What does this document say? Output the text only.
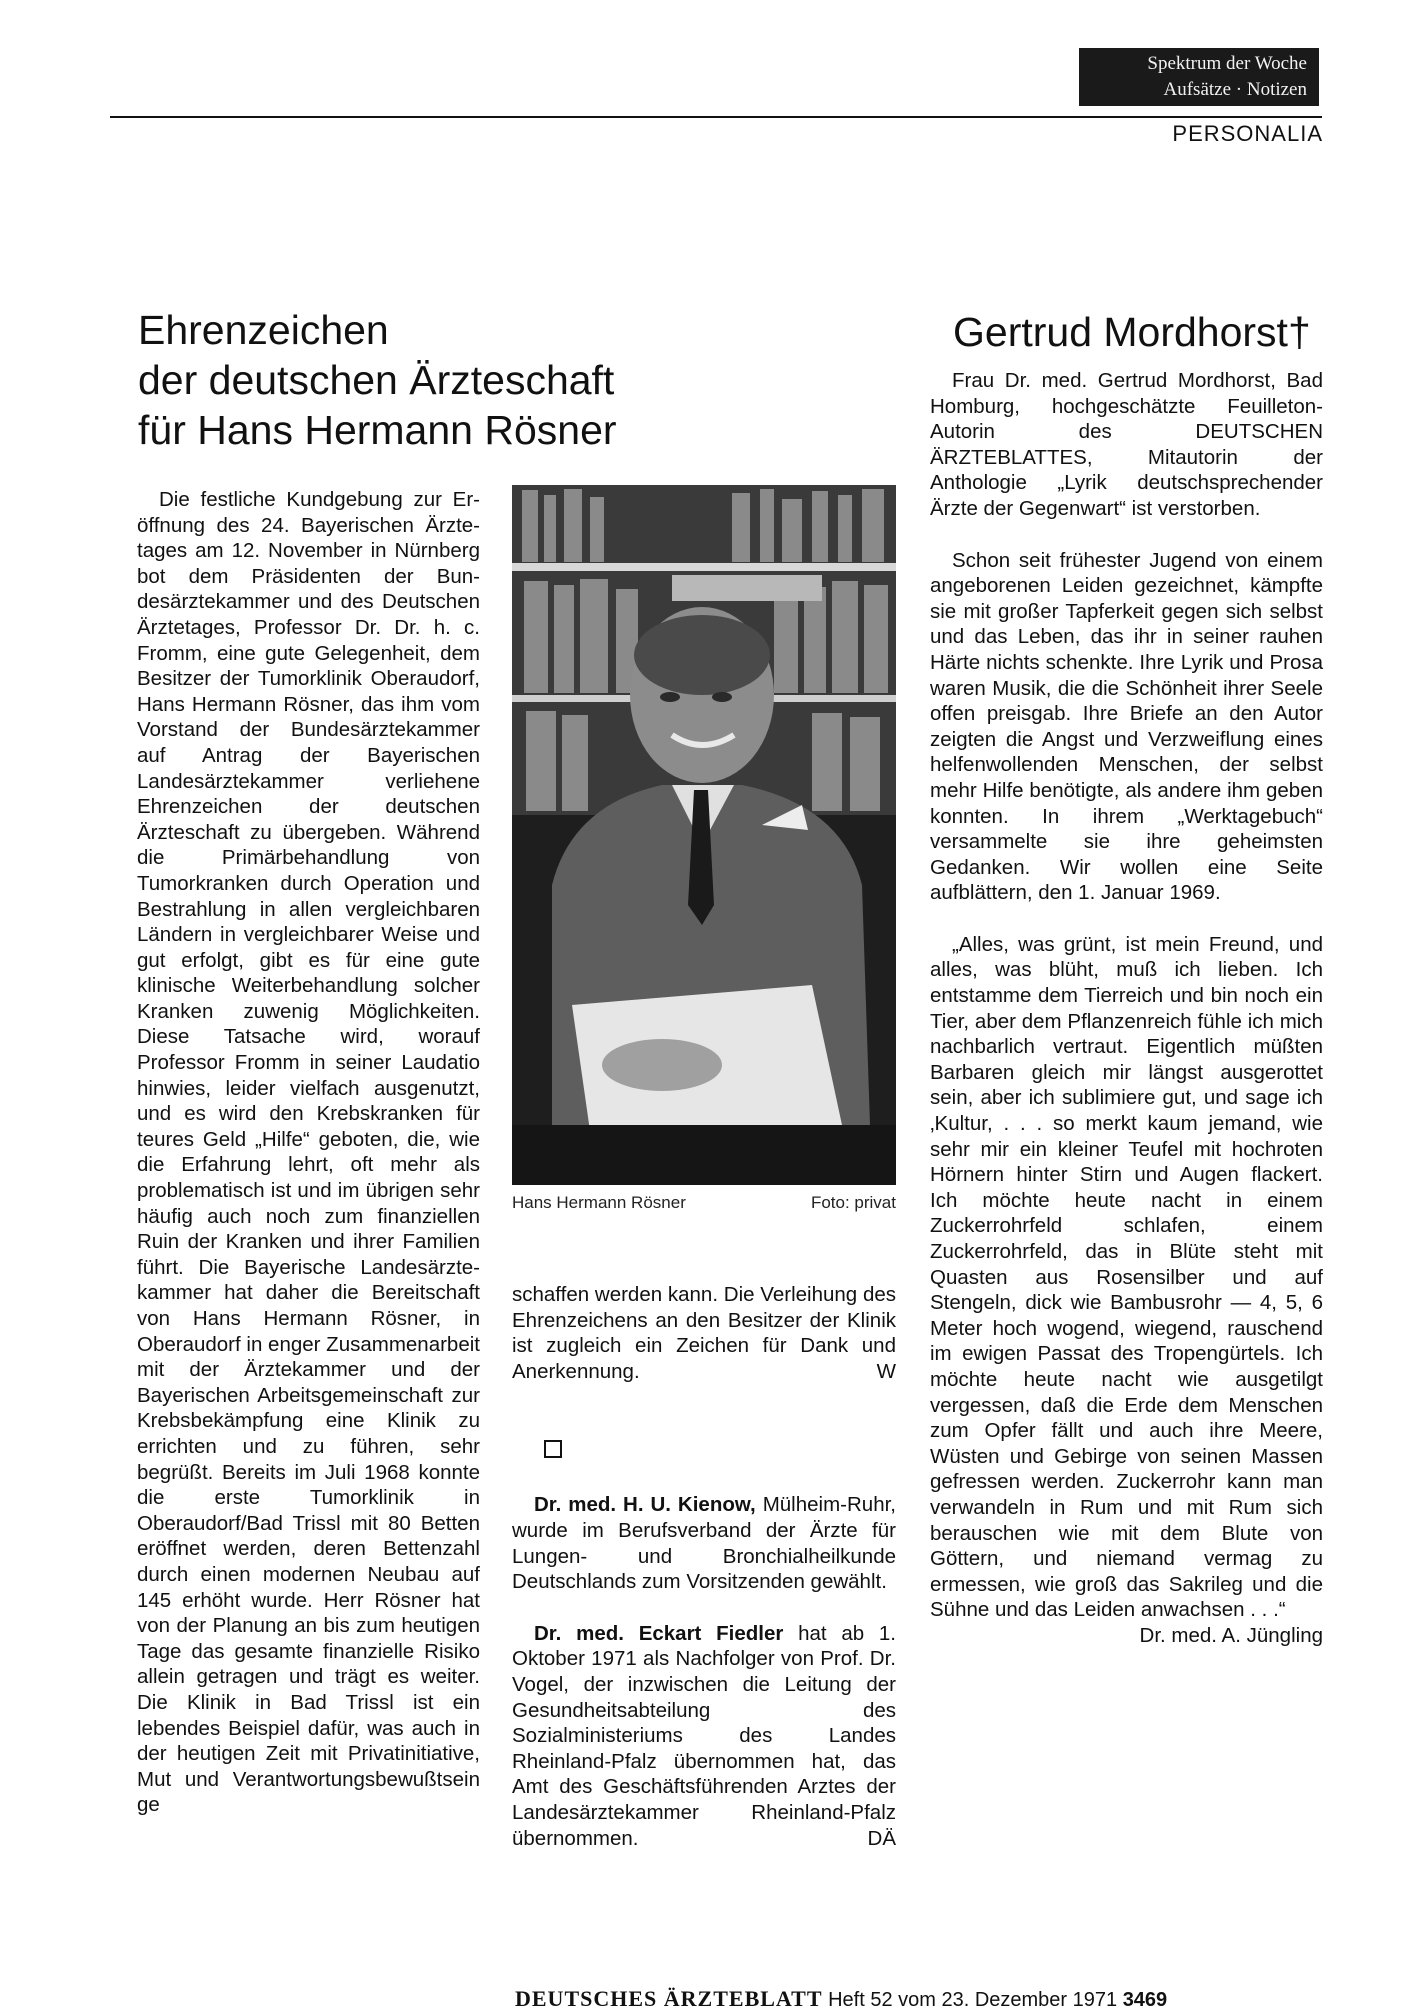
Spektrum der Woche
Aufsätze · Notizen
PERSONALIA
Ehrenzeichen
der deutschen Ärzteschaft
für Hans Hermann Rösner

Die festliche Kundgebung zur Eröffnung des 24. Bayerischen Ärztetages am 12. November in Nürnberg bot dem Präsidenten der Bundesärztekammer und des Deutschen Ärztetages, Professor Dr. Dr. h. c. Fromm, eine gute Gelegenheit, dem Besitzer der Tumorklinik Oberaudorf, Hans Hermann Rösner, das ihm vom Vorstand der Bundesärztekammer auf Antrag der Bayerischen Landesärztekammer verliehene Ehrenzeichen der deutschen Ärzteschaft zu übergeben. Während die Primärbehandlung von Tumorkranken durch Operation und Bestrahlung in allen vergleichbaren Ländern in vergleichbarer Weise und gut erfolgt, gibt es für eine gute klinische Weiterbehandlung solcher Kranken zuwenig Möglichkeiten. Diese Tatsache wird, worauf Professor Fromm in seiner Laudatio hinwies, leider vielfach ausgenutzt, und es wird den Krebskranken für teures Geld „Hilfe“ geboten, die, wie die Erfahrung lehrt, oft mehr als problematisch ist und im übrigen sehr häufig auch noch zum finanziellen Ruin der Kranken und ihrer Familien führt. Die Bayerische Landesärztekammer hat daher die Bereitschaft von Hans Hermann Rösner, in Oberaudorf in enger Zusammenarbeit mit der Ärztekammer und der Bayerischen Arbeitsgemeinschaft zur Krebsbekämpfung eine Klinik zu errichten und zu führen, sehr begrüßt. Bereits im Juli 1968 konnte die erste Tumorklinik in Oberaudorf/Bad Trissl mit 80 Betten eröffnet werden, deren Bettenzahl durch einen modernen Neubau auf 145 erhöht wurde. Herr Rösner hat von der Planung an bis zum heutigen Tage das gesamte finanzielle Risiko allein getragen und trägt es weiter. Die Klinik in Bad Trissl ist ein lebendes Beispiel dafür, was auch in der heutigen Zeit mit Privatinitiative, Mut und Verantwortungsbewußtsein ge

Hans Hermann Rösner	Foto: privat

schaffen werden kann. Die Verleihung des Ehrenzeichens an den Besitzer der Klinik ist zugleich ein Zeichen für Dank und Anerkennung.	W

Dr. med. H. U. Kienow, Mülheim-Ruhr, wurde im Berufsverband der Ärzte für Lungen- und Bronchialheilkunde Deutschlands zum Vorsitzenden gewählt.

Dr. med. Eckart Fiedler hat ab 1. Oktober 1971 als Nachfolger von Prof. Dr. Vogel, der inzwischen die Leitung der Gesundheitsabteilung des Sozialministeriums des Landes Rheinland-Pfalz übernommen hat, das Amt des Geschäftsführenden Arztes der Landesärztekammer Rheinland-Pfalz übernommen.	DÄ

Gertrud Mordhorst†

Frau Dr. med. Gertrud Mordhorst, Bad Homburg, hochgeschätzte Feuilleton-Autorin des DEUTSCHEN ÄRZTEBLATTES, Mitautorin der Anthologie „Lyrik deutschsprechender Ärzte der Gegenwart“ ist verstorben.

Schon seit frühester Jugend von einem angeborenen Leiden gezeichnet, kämpfte sie mit großer Tapferkeit gegen sich selbst und das Leben, das ihr in seiner rauhen Härte nichts schenkte. Ihre Lyrik und Prosa waren Musik, die die Schönheit ihrer Seele offen preisgab. Ihre Briefe an den Autor zeigten die Angst und Verzweiflung eines helfenwollenden Menschen, der selbst mehr Hilfe benötigte, als andere ihm geben konnten. In ihrem „Werktagebuch“ versammelte sie ihre geheimsten Gedanken. Wir wollen eine Seite aufblättern, den 1. Januar 1969.

„Alles, was grünt, ist mein Freund, und alles, was blüht, muß ich lieben. Ich entstamme dem Tierreich und bin noch ein Tier, aber dem Pflanzenreich fühle ich mich nachbarlich vertraut. Eigentlich müßten Barbaren gleich mir längst ausgerottet sein, aber ich sublimiere gut, und sage ich ‚Kultur, . . . so merkt kaum jemand, wie sehr mir ein kleiner Teufel mit hochroten Hörnern hinter Stirn und Augen flackert. Ich möchte heute nacht in einem Zuckerrohrfeld schlafen, einem Zuckerrohrfeld, das in Blüte steht mit Quasten aus Rosensilber und auf Stengeln, dick wie Bambusrohr — 4, 5, 6 Meter hoch wogend, wiegend, rauschend im ewigen Passat des Tropengürtels. Ich möchte heute nacht wie ausgetilgt vergessen, daß die Erde dem Menschen zum Opfer fällt und auch ihre Meere, Wüsten und Gebirge von seinen Massen gefressen werden. Zuckerrohr kann man verwandeln in Rum und mit Rum sich berauschen wie mit dem Blute von Göttern, und niemand vermag zu ermessen, wie groß das Sakrileg und die Sühne und das Leiden anwachsen . . .“
Dr. med. A. Jüngling

DEUTSCHES ÄRZTEBLATT Heft 52 vom 23. Dezember 1971 3469
